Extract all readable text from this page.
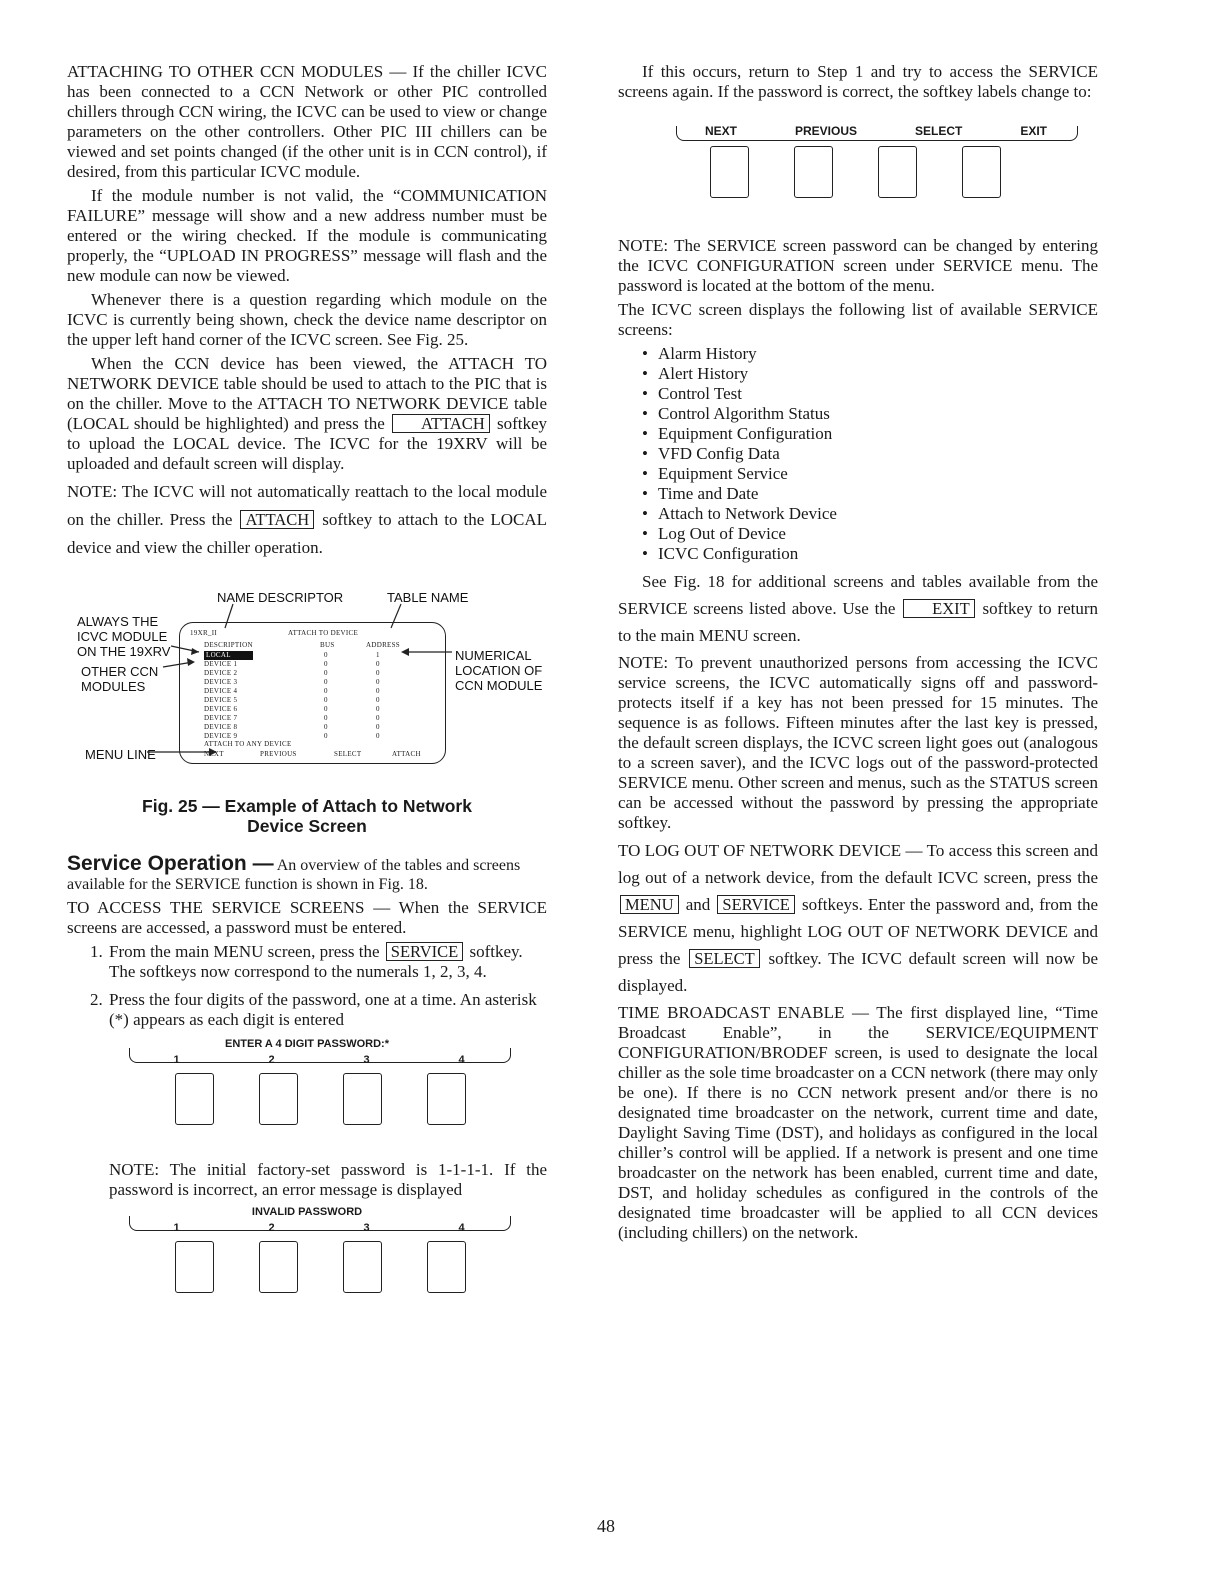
ATTACHING TO OTHER CCN MODULES — If the chiller ICVC has been connected to a CCN Network or other PIC controlled chillers through CCN wiring, the ICVC can be used to view or change parameters on the other controllers. Other PIC III chillers can be viewed and set points changed (if the other unit is in CCN control), if desired, from this particular ICVC module.

If the module number is not valid, the “COMMUNICATION FAILURE” message will show and a new address number must be entered or the wiring checked. If the module is communicating properly, the “UPLOAD IN PROGRESS” message will flash and the new module can now be viewed.

Whenever there is a question regarding which module on the ICVC is currently being shown, check the device name descriptor on the upper left hand corner of the ICVC screen. See Fig. 25.

When the CCN device has been viewed, the ATTACH TO NETWORK DEVICE table should be used to attach to the PIC that is on the chiller. Move to the ATTACH TO NETWORK DEVICE table (LOCAL should be highlighted) and press the ATTACH softkey to upload the LOCAL device. The ICVC for the 19XRV will be uploaded and default screen will display.

NOTE: The ICVC will not automatically reattach to the local module on the chiller. Press the ATTACH softkey to attach to the LOCAL device and view the chiller operation.

NAME DESCRIPTOR	TABLE NAME
ALWAYS THE ICVC MODULE ON THE 19XRV
OTHER CCN MODULES
MENU LINE
NUMERICAL LOCATION OF CCN MODULE
19XR_II	ATTACH TO DEVICE
DESCRIPTION	BUS	ADDRESS
LOCAL	0	1
DEVICE 1	0	0
DEVICE 2	0	0
DEVICE 3	0	0
DEVICE 4	0	0
DEVICE 5	0	0
DEVICE 6	0	0
DEVICE 7	0	0
DEVICE 8	0	0
DEVICE 9	0	0
ATTACH TO ANY DEVICE
NEXT	PREVIOUS	SELECT	ATTACH
Fig. 25 — Example of Attach to Network
Device Screen

Service Operation — An overview of the tables and screens available for the SERVICE function is shown in Fig. 18.

TO ACCESS THE SERVICE SCREENS — When the SERVICE screens are accessed, a password must be entered.

1. From the main MENU screen, press the SERVICE softkey. The softkeys now correspond to the numerals 1, 2, 3, 4.
2. Press the four digits of the password, one at a time. An asterisk (*) appears as each digit is entered
ENTER A 4 DIGIT PASSWORD:*
1	2	3	4

NOTE: The initial factory-set password is 1-1-1-1. If the password is incorrect, an error message is displayed

INVALID PASSWORD
1	2	3	4

If this occurs, return to Step 1 and try to access the SERVICE screens again. If the password is correct, the softkey labels change to:

NEXT	PREVIOUS	SELECT	EXIT

NOTE: The SERVICE screen password can be changed by entering the ICVC CONFIGURATION screen under SERVICE menu. The password is located at the bottom of the menu.

The ICVC screen displays the following list of available SERVICE screens:

• Alarm History
• Alert History
• Control Test
• Control Algorithm Status
• Equipment Configuration
• VFD Config Data
• Equipment Service
• Time and Date
• Attach to Network Device
• Log Out of Device
• ICVC Configuration

See Fig. 18 for additional screens and tables available from the SERVICE screens listed above. Use the EXIT softkey to return to the main MENU screen.

NOTE: To prevent unauthorized persons from accessing the ICVC service screens, the ICVC automatically signs off and password-protects itself if a key has not been pressed for 15 minutes. The sequence is as follows. Fifteen minutes after the last key is pressed, the default screen displays, the ICVC screen light goes out (analogous to a screen saver), and the ICVC logs out of the password-protected SERVICE menu. Other screen and menus, such as the STATUS screen can be accessed without the password by pressing the appropriate softkey.

TO LOG OUT OF NETWORK DEVICE — To access this screen and log out of a network device, from the default ICVC screen, press the MENU and SERVICE softkeys. Enter the password and, from the SERVICE menu, highlight LOG OUT OF NETWORK DEVICE and press the SELECT softkey. The ICVC default screen will now be displayed.

TIME BROADCAST ENABLE — The first displayed line, “Time Broadcast Enable”, in the SERVICE/EQUIPMENT CONFIGURATION/BRODEF screen, is used to designate the local chiller as the sole time broadcaster on a CCN network (there may only be one). If there is no CCN network present and/or there is no designated time broadcaster on the network, current time and date, Daylight Saving Time (DST), and holidays as configured in the local chiller’s control will be applied. If a network is present and one time broadcaster on the network has been enabled, current time and date, DST, and holiday schedules as configured in the controls of the designated time broadcaster will be applied to all CCN devices (including chillers) on the network.

48
